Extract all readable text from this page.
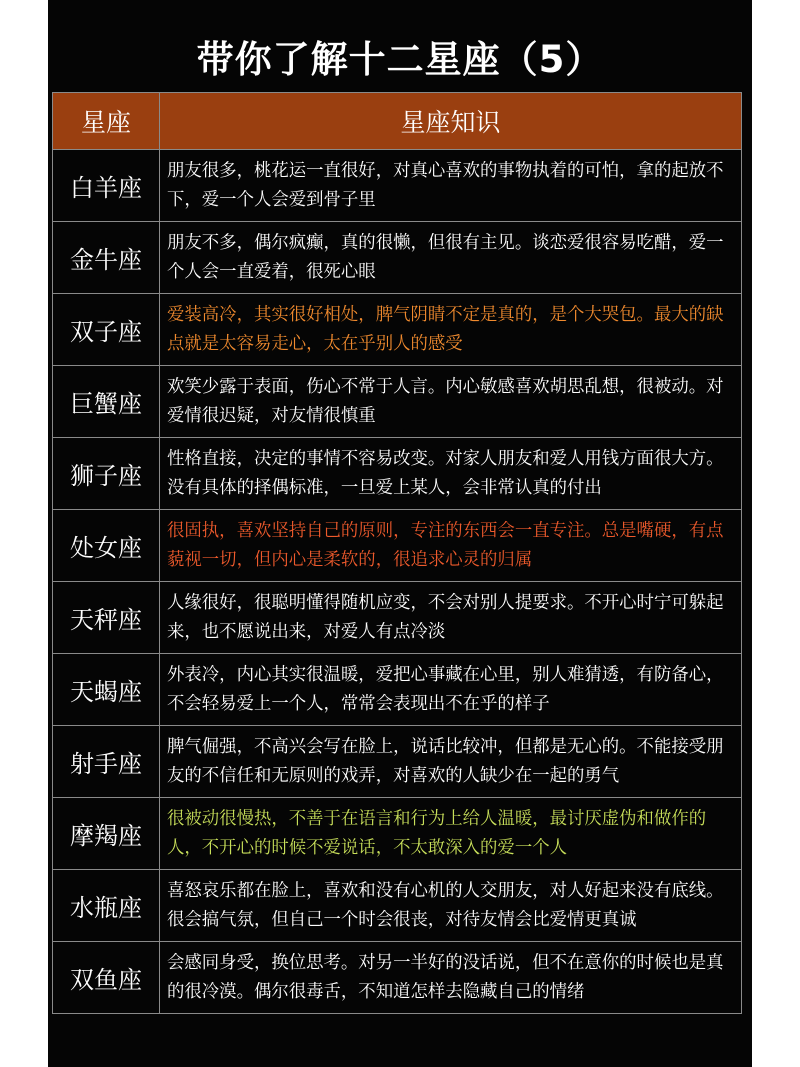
带你了解十二星座（5）
星座	星座知识
白羊座	朋友很多，桃花运一直很好，对真心喜欢的事物执着的可怕，拿的起放不下，爱一个人会爱到骨子里

金牛座	朋友不多，偶尔疯癫，真的很懒，但很有主见。谈恋爱很容易吃醋，爱一个人会一直爱着，很死心眼

双子座	爱装高冷，其实很好相处，脾气阴睛不定是真的，是个大哭包。最大的缺点就是太容易走心，太在乎别人的感受

巨蟹座	欢笑少露于表面，伤心不常于人言。内心敏感喜欢胡思乱想，很被动。对爱情很迟疑，对友情很慎重

狮子座	性格直接，决定的事情不容易改变。对家人朋友和爱人用钱方面很大方。没有具体的择偶标准，一旦爱上某人，会非常认真的付出

处女座	很固执，喜欢坚持自己的原则，专注的东西会一直专注。总是嘴硬，有点藐视一切，但内心是柔软的，很追求心灵的归属

天秤座	人缘很好，很聪明懂得随机应变，不会对别人提要求。不开心时宁可躲起来，也不愿说出来，对爱人有点冷淡

天蝎座	外表冷，内心其实很温暖，爱把心事藏在心里，别人难猜透，有防备心，不会轻易爱上一个人，常常会表现出不在乎的样子

射手座	脾气倔强，不高兴会写在脸上，说话比较冲，但都是无心的。不能接受朋友的不信任和无原则的戏弄，对喜欢的人缺少在一起的勇气

摩羯座	很被动很慢热，不善于在语言和行为上给人温暖，最讨厌虚伪和做作的人，不开心的时候不爱说话，不太敢深入的爱一个人

水瓶座	喜怒哀乐都在脸上，喜欢和没有心机的人交朋友，对人好起来没有底线。很会搞气氛，但自己一个时会很丧，对待友情会比爱情更真诚

双鱼座	会感同身受，换位思考。对另一半好的没话说，但不在意你的时候也是真的很冷漠。偶尔很毒舌，不知道怎样去隐藏自己的情绪
